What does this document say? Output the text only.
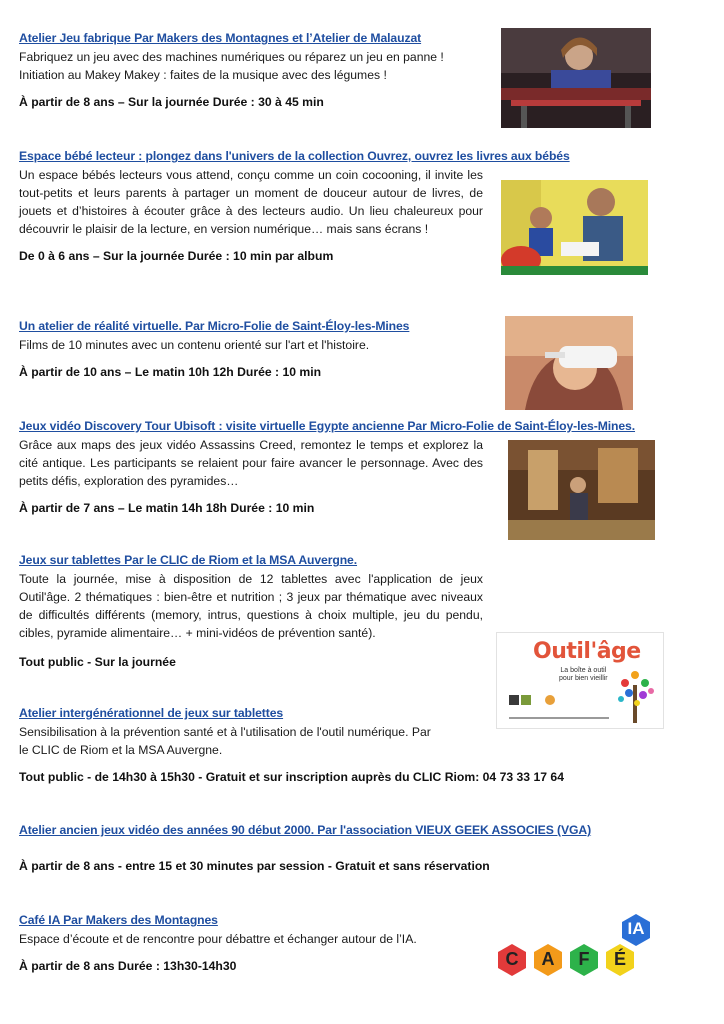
Atelier Jeu fabrique Par Makers des Montagnes et l’Atelier de Malauzat
Fabriquez un jeu avec des machines numériques ou réparez un jeu en panne !
Initiation au Makey Makey : faites de la musique avec des légumes !
À partir de 8 ans – Sur la journée Durée : 30 à 45 min
Espace bébé lecteur : plongez dans l'univers de la collection Ouvrez, ouvrez les livres aux bébés
Un espace bébés lecteurs vous attend, conçu comme un coin cocooning, il invite les tout-petits et leurs parents à partager un moment de douceur autour de livres, de jouets et d’histoires à écouter grâce à des lecteurs audio. Un lieu chaleureux pour découvrir le plaisir de la lecture, en version numérique… mais sans écrans !
De 0 à 6 ans – Sur la journée Durée : 10 min par album
Un atelier de réalité virtuelle. Par Micro-Folie de Saint-Éloy-les-Mines
Films de 10 minutes avec un contenu orienté sur l'art et l'histoire.
À partir de 10 ans – Le matin 10h 12h Durée : 10 min
Jeux vidéo Discovery Tour Ubisoft : visite virtuelle Egypte ancienne Par Micro-Folie de Saint-Éloy-les-Mines.
Grâce aux maps des jeux vidéo Assassins Creed, remontez le temps et explorez la cité antique. Les participants se relaient pour faire avancer le personnage. Avec des petits défis, exploration des pyramides…
À partir de 7 ans – Le matin 14h 18h Durée : 10 min
Jeux sur tablettes Par le CLIC de Riom et la MSA Auvergne.
Toute la journée, mise à disposition de 12 tablettes avec l'application de jeux Outil'âge. 2 thématiques : bien-être et nutrition ; 3 jeux par thématique avec niveaux de difficultés différents (memory, intrus, questions à choix multiple, jeu du pendu, cibles, pyramide alimentaire… + mini-vidéos de prévention santé).
Tout public - Sur la journée	Outil'âge
La boîte à outil
pour bien vieillir
Atelier intergénérationnel de jeux sur tablettes
Sensibilisation à la prévention santé et à l'utilisation de l'outil numérique. Par
le CLIC de Riom et la MSA Auvergne.
Tout public - de 14h30 à 15h30 - Gratuit et sur inscription auprès du CLIC Riom: 04 73 33 17 64
Atelier ancien jeux vidéo des années 90 début 2000. Par l'association VIEUX GEEK ASSOCIES (VGA)
À partir de 8 ans - entre 15 et 30 minutes par session - Gratuit et sans réservation
Café IA Par Makers des Montagnes
Espace d’écoute et de rencontre pour débattre et échanger autour de l’IA.
À partir de 8 ans Durée : 13h30-14h30	C	A	F	É
IA
